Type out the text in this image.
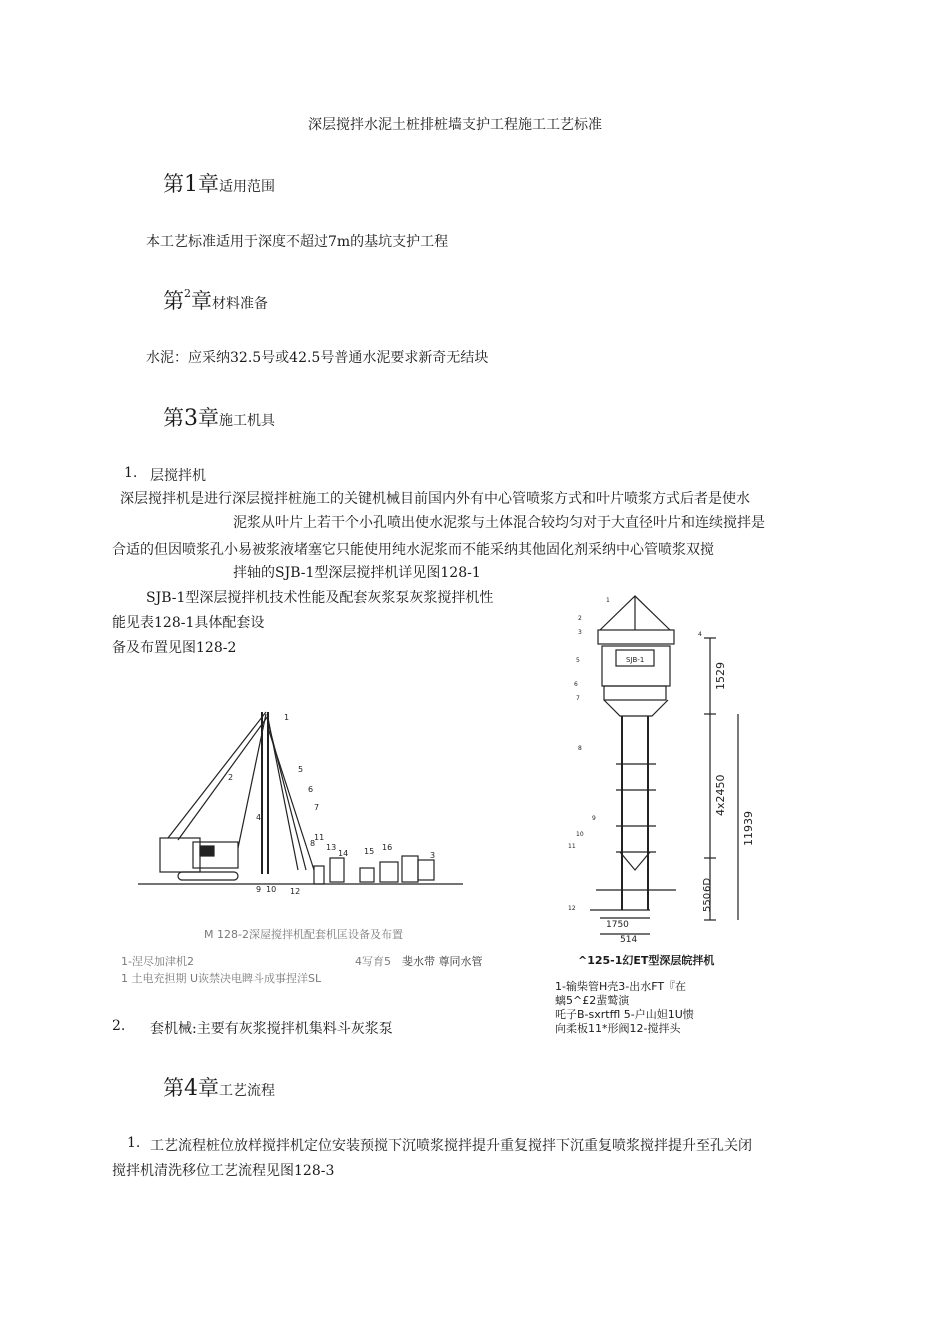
深层搅拌水泥土桩排桩墙支护工程施工工艺标准
第1章适用范围
本工艺标准适用于深度不超过7m的基坑支护工程
第$^2$章材料准备
水泥：应采纳32.5号或42.5号普通水泥要求新奇无结块
第3章施工机具
1. 层搅拌机
深层搅拌机是进行深层搅拌桩施工的关键机械目前国内外有中心管喷浆方式和叶片喷浆方式后者是使水
泥浆从叶片上若干个小孔喷出使水泥浆与土体混合较均匀对于大直径叶片和连续搅拌是
合适的但因喷浆孔小易被浆液堵塞它只能使用纯水泥浆而不能采纳其他固化剂采纳中心管喷浆双搅
拌轴的SJB-1型深层搅拌机详见图128-1
SJB-1型深层搅拌机技术性能及配套灰浆泵灰浆搅拌机性
能见表128-1具体配套设
备及布置见图128-2
1
2
3
4
5
6
7
8
9 10
11
12
14 15 16
13
M 128-2深屋搅拌机配套机匡设备及布置
1-涅尽加津机2	4写育5 斐水带 尊同水管
1 土电充担期 U诙禁决电睥斗成事捏洋SL
2. 套机械:主要有灰浆搅拌机集料斗灰浆泵
SJB-1
1529
4x2450
11939
6D
550
1750
514
1
2
3	4
5
6
7
8
9
10
11
12
^125-1幻ET型深层皖拌机
1-输柴管H壳3-出水FT『在
螭5^£2蜚鹫演
吒子B-sxrtffl 5-户山妲1U愦
向柔板11*形阀12-搅拌头
第4章工艺流程
1. 工艺流程桩位放样搅拌机定位安装预搅下沉喷浆搅拌提升重复搅拌下沉重复喷浆搅拌提升至孔关闭
搅拌机清洗移位工艺流程见图128-3
